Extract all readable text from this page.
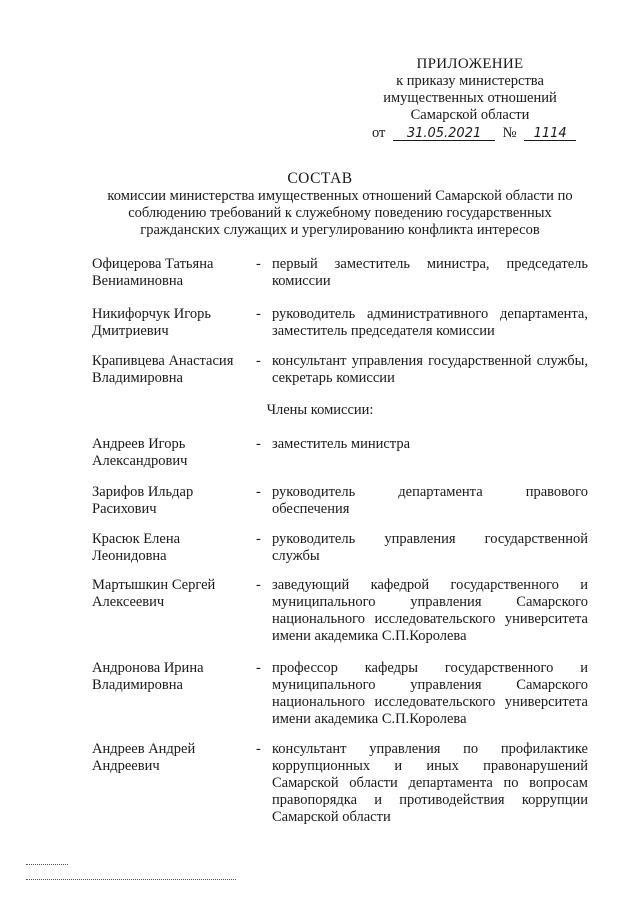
ПРИЛОЖЕНИЕ
к приказу министерства
имущественных отношений
Самарской области
от 31.05.2021 № 1114
СОСТАВ
комиссии министерства имущественных отношений Самарской области по соблюдению требований к служебному поведению государственных гражданских служащих и урегулированию конфликта интересов
Офицерова Татьяна Вениаминовна
- первый заместитель министра, председатель комиссии
Никифорчук Игорь Дмитриевич
- руководитель административного департамента, заместитель председателя комиссии
Крапивцева Анастасия Владимировна
- консультант управления государственной службы, секретарь комиссии
Члены комиссии:
Андреев Игорь Александрович
- заместитель министра
Зарифов Ильдар Расихович
- руководитель департамента правового обеспечения
Красюк Елена Леонидовна
- руководитель управления государственной службы
Мартышкин Сергей Алексеевич
- заведующий кафедрой государственного и муниципального управления Самарского национального исследовательского университета имени академика С.П.Королева
Андронова Ирина Владимировна
- профессор кафедры государственного и муниципального управления Самарского национального исследовательского университета имени академика С.П.Королева
Андреев Андрей Андреевич
- консультант управления по профилактике коррупционных и иных правонарушений Самарской области департамента по вопросам правопорядка и противодействия коррупции Самарской области
